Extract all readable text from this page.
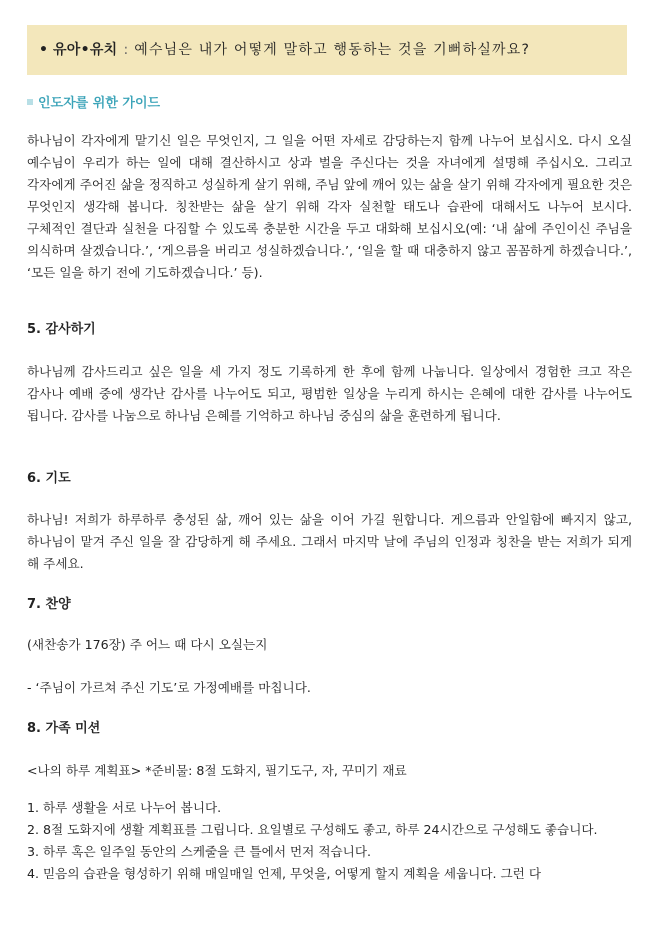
• 유아•유치 : 예수님은 내가 어떻게 말하고 행동하는 것을 기뻐하실까요?
인도자를 위한 가이드

하나님이 각자에게 맡기신 일은 무엇인지, 그 일을 어떤 자세로 감당하는지 함께 나누어 보십시오. 다시 오실 예수님이 우리가 하는 일에 대해 결산하시고 상과 벌을 주신다는 것을 자녀에게 설명해 주십시오. 그리고 각자에게 주어진 삶을 정직하고 성실하게 살기 위해, 주님 앞에 깨어 있는 삶을 살기 위해 각자에게 필요한 것은 무엇인지 생각해 봅니다. 칭찬받는 삶을 살기 위해 각자 실천할 태도나 습관에 대해서도 나누어 보시다. 구체적인 결단과 실천을 다짐할 수 있도록 충분한 시간을 두고 대화해 보십시오(예: ‘내 삶에 주인이신 주님을 의식하며 살겠습니다.’, ‘게으름을 버리고 성실하겠습니다.’, ‘일을 할 때 대충하지 않고 꼼꼼하게 하겠습니다.’, ‘모든 일을 하기 전에 기도하겠습니다.’ 등).

5. 감사하기

하나님께 감사드리고 싶은 일을 세 가지 정도 기록하게 한 후에 함께 나눕니다. 일상에서 경험한 크고 작은 감사나 예배 중에 생각난 감사를 나누어도 되고, 평범한 일상을 누리게 하시는 은혜에 대한 감사를 나누어도 됩니다. 감사를 나눔으로 하나님 은혜를 기억하고 하나님 중심의 삶을 훈련하게 됩니다.

6. 기도

하나님! 저희가 하루하루 충성된 삶, 깨어 있는 삶을 이어 가길 원합니다. 게으름과 안일함에 빠지지 않고, 하나님이 맡겨 주신 일을 잘 감당하게 해 주세요. 그래서 마지막 날에 주님의 인정과 칭찬을 받는 저희가 되게 해 주세요.

7. 찬양

(새찬송가 176장) 주 어느 때 다시 오실는지

- ‘주님이 가르쳐 주신 기도’로 가정예배를 마칩니다.

8. 가족 미션

<나의 하루 계획표> *준비물: 8절 도화지, 필기도구, 자, 꾸미기 재료

1. 하루 생활을 서로 나누어 봅니다.
2. 8절 도화지에 생활 계획표를 그립니다. 요일별로 구성해도 좋고, 하루 24시간으로 구성해도 좋습니다.
3. 하루 혹은 일주일 동안의 스케줄을 큰 틀에서 먼저 적습니다.
4. 믿음의 습관을 형성하기 위해 매일매일 언제, 무엇을, 어떻게 할지 계획을 세웁니다. 그런 다
